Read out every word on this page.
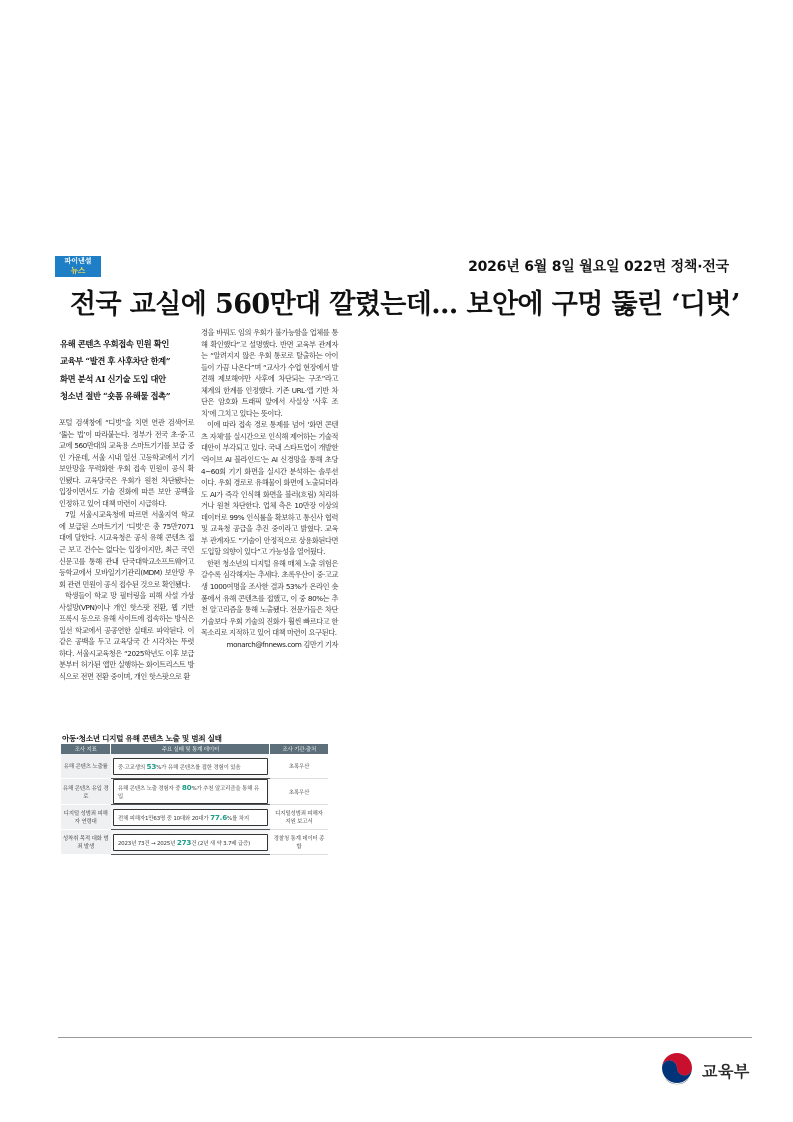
파이낸셜
뉴스	2026년 6월 8일 월요일 022면 정책·전국
전국 교실에 560만대 깔렸는데… 보안에 구멍 뚫린 ‘디벗’
유해 콘텐츠 우회접속 민원 확인
교육부 “발견 후 사후차단 한계”
화면 분석 AI 신기술 도입 대안
청소년 절반 “숏폼 유해물 접촉”

포털 검색창에 “디벗”을 치면 연관 검색어로 ‘뚫는 법’이 따라붙는다. 정부가 전국 초·중·고교에 560만대의 교육용 스마트기기를 보급 중인 가운데, 서울 시내 일선 고등학교에서 기기 보안망을 무력화한 우회 접속 민원이 공식 확인됐다. 교육당국은 우회가 원천 차단됐다는 입장이면서도 기술 진화에 따른 보안 공백을 인정하고 있어 대책 마련이 시급하다.

7일 서울시교육청에 따르면 서울지역 학교에 보급된 스마트기기 ‘디벗’은 총 75만7071대에 달한다. 시교육청은 공식 유해 콘텐츠 접근 보고 건수는 없다는 입장이지만, 최근 국민신문고를 통해 관내 단국대학교소프트웨어고등학교에서 모바일기기관리(MDM) 보안망 우회 관련 민원이 공식 접수된 것으로 확인됐다.

학생들이 학교 망 필터링을 피해 사설 가상사설망(VPN)이나 개인 핫스팟 전환, 웹 기반 프록시 등으로 유해 사이트에 접속하는 방식은 일선 학교에서 공공연한 실태로 파악된다. 이 같은 공백을 두고 교육당국 간 시각차는 뚜렷하다. 서울시교육청은 “2025학년도 이후 보급분부터 허가된 앱만 실행하는 화이트리스트 방식으로 전면 전환 중이며, 개인 핫스팟으로 환

경을 바꿔도 임의 우회가 불가능함을 업체를 통해 확인했다”고 설명했다. 반면 교육부 관계자는 “알려지지 않은 우회 통로로 탈출하는 아이들이 가끔 나온다”며 “교사가 수업 현장에서 발견해 제보해야만 사후에 차단되는 구조”라고 체계의 한계를 인정했다. 기존 URL·앱 기반 차단은 암호화 트래픽 앞에서 사실상 ‘사후 조치’에 그치고 있다는 뜻이다.

이에 따라 접속 경로 통제를 넘어 ‘화면 콘텐츠 자체’를 실시간으로 인식해 제어하는 기술적 대안이 부각되고 있다. 국내 스타트업이 개발한 ‘라이브 AI 블라인드’는 AI 신경망을 통해 초당 4~60회 기기 화면을 실시간 분석하는 솔루션이다. 우회 경로로 유해물이 화면에 노출되더라도 AI가 즉각 인식해 화면을 블러(흐림) 처리하거나 원천 차단한다. 업체 측은 10만장 이상의 데이터로 99% 인식률을 확보하고 통신사 협력 및 교육청 공급을 추진 중이라고 밝혔다. 교육부 관계자도 “기술이 안정적으로 상용화된다면 도입할 의향이 있다”고 가능성을 열어뒀다.

한편 청소년의 디지털 유해 매체 노출 위험은 갈수록 심각해지는 추세다. 초록우산이 중·고교생 1000여명을 조사한 결과 53%가 온라인 숏폼에서 유해 콘텐츠를 접했고, 이 중 80%는 추천 알고리즘을 통해 노출됐다. 전문가들은 차단 기술보다 우회 기술의 진화가 훨씬 빠르다고 한목소리로 지적하고 있어 대책 마련이 요구된다.

monarch@fnnews.com 김만기 기자

아동·청소년 디지털 유해 콘텐츠 노출 및 범죄 실태
조사 지표	주요 실태 및 통계 데이터	조사 기관·출처
유해 콘텐츠 노출률	중·고교생의 53%가 유해 콘텐츠를 접한 경험이 있음	초록우산
유해 콘텐츠 유입 경로	유해 콘텐츠 노출 경험자 중 80%가 추천 알고리즘을 통해 유입	초록우산
디지털 성범죄 피해자 연령대	전체 피해자1만63명 중 10대와 20대가 77.6%를 차지	디지털성범죄 피해자 지원 보고서
성착취 목적 대화 범죄 발생	2023년 73건 → 2025년 273건 (2년 새 약 3.7배 급증)	경찰청 통계 데이터 종합
교육부
